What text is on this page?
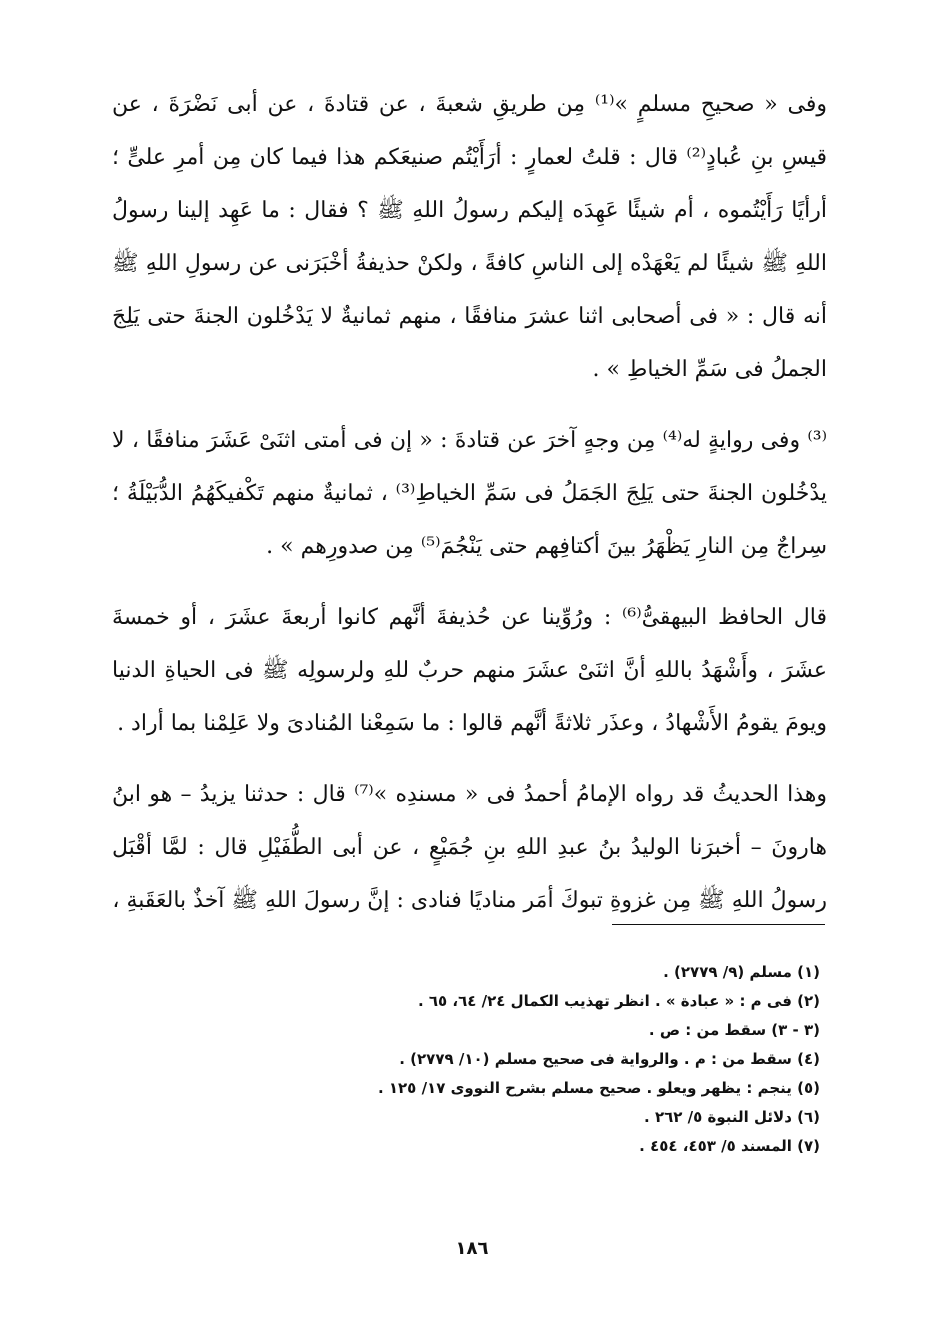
وفى « صحيحِ مسلمٍ »⁽¹⁾ مِن طريقِ شعبةَ ، عن قتادةَ ، عن أبى نَضْرَةَ ، عن قيسِ بنِ عُبادٍ⁽²⁾ قال : قلتُ لعمارٍ : أرَأَيْتُم صنيعَكم هذا فيما كان مِن أمرِ علىٍّ ؛ أرأيًا رَأَيْتُموه ، أم شيئًا عَهِدَه إليكم رسولُ اللهِ ﷺ ؟ فقال : ما عَهِد إلينا رسولُ اللهِ ﷺ شيئًا لم يَعْهَدْه إلى الناسِ كافةً ، ولكنْ حذيفةُ أخْبَرَنى عن رسولِ اللهِ ﷺ أنه قال : « فى أصحابى اثنا عشرَ منافقًا ، منهم ثمانيةٌ لا يَدْخُلون الجنةَ حتى يَلِجَ الجملُ فى سَمِّ الخياطِ » .

⁽³⁾ وفى روايةٍ له⁽⁴⁾ مِن وجهٍ آخرَ عن قتادةَ : « إن فى أمتى اثنَىْ عَشَرَ منافقًا ، لا يدْخُلون الجنةَ حتى يَلِجَ الجَمَلُ فى سَمِّ الخياطِ⁽³⁾ ، ثمانيةٌ منهم تَكْفيكَهُمُ الدُّبَيْلَةُ ؛ سِراجٌ مِن النارِ يَظْهَرُ بينَ أكتافِهم حتى يَنْجُمَ⁽⁵⁾ مِن صدورِهم » .

قال الحافظ البيهقىُّ⁽⁶⁾ : ورُوِّينا عن حُذيفةَ أنَّهم كانوا أربعةَ عشَرَ ، أو خمسةَ عشَرَ ، وأَشْهَدُ باللهِ أنَّ اثنَىْ عشَرَ منهم حربٌ للهِ ولرسولِه ﷺ فى الحياةِ الدنيا ويومَ يقومُ الأَشْهادُ ، وعذَر ثلاثةً أنَّهم قالوا : ما سَمِعْنا المُنادىَ ولا عَلِمْنا بما أراد .

وهذا الحديثُ قد رواه الإمامُ أحمدُ فى « مسندِه »⁽⁷⁾ قال : حدثنا يزيدُ – هو ابنُ هارونَ – أخبرَنا الوليدُ بنُ عبدِ اللهِ بنِ جُمَيْعٍ ، عن أبى الطُّفَيْلِ قال : لمَّا أقْبَل رسولُ اللهِ ﷺ مِن غزوةِ تبوكَ أمَر مناديًا فنادى : إنَّ رسولَ اللهِ ﷺ آخذٌ بالعَقَبةِ ،

(١) مسلم (٩/ ٢٧٧٩) .
(٢) فى م : « عبادة » . انظر تهذيب الكمال ٢٤/ ٦٤، ٦٥ .
(٣ - ٣) سقط من : ص .
(٤) سقط من : م . والرواية فى صحيح مسلم (١٠/ ٢٧٧٩) .
(٥) ينجم : يظهر ويعلو . صحيح مسلم بشرح النووى ١٧/ ١٢٥ .
(٦) دلائل النبوة ٥/ ٢٦٢ .
(٧) المسند ٥/ ٤٥٣، ٤٥٤ .
١٨٦
